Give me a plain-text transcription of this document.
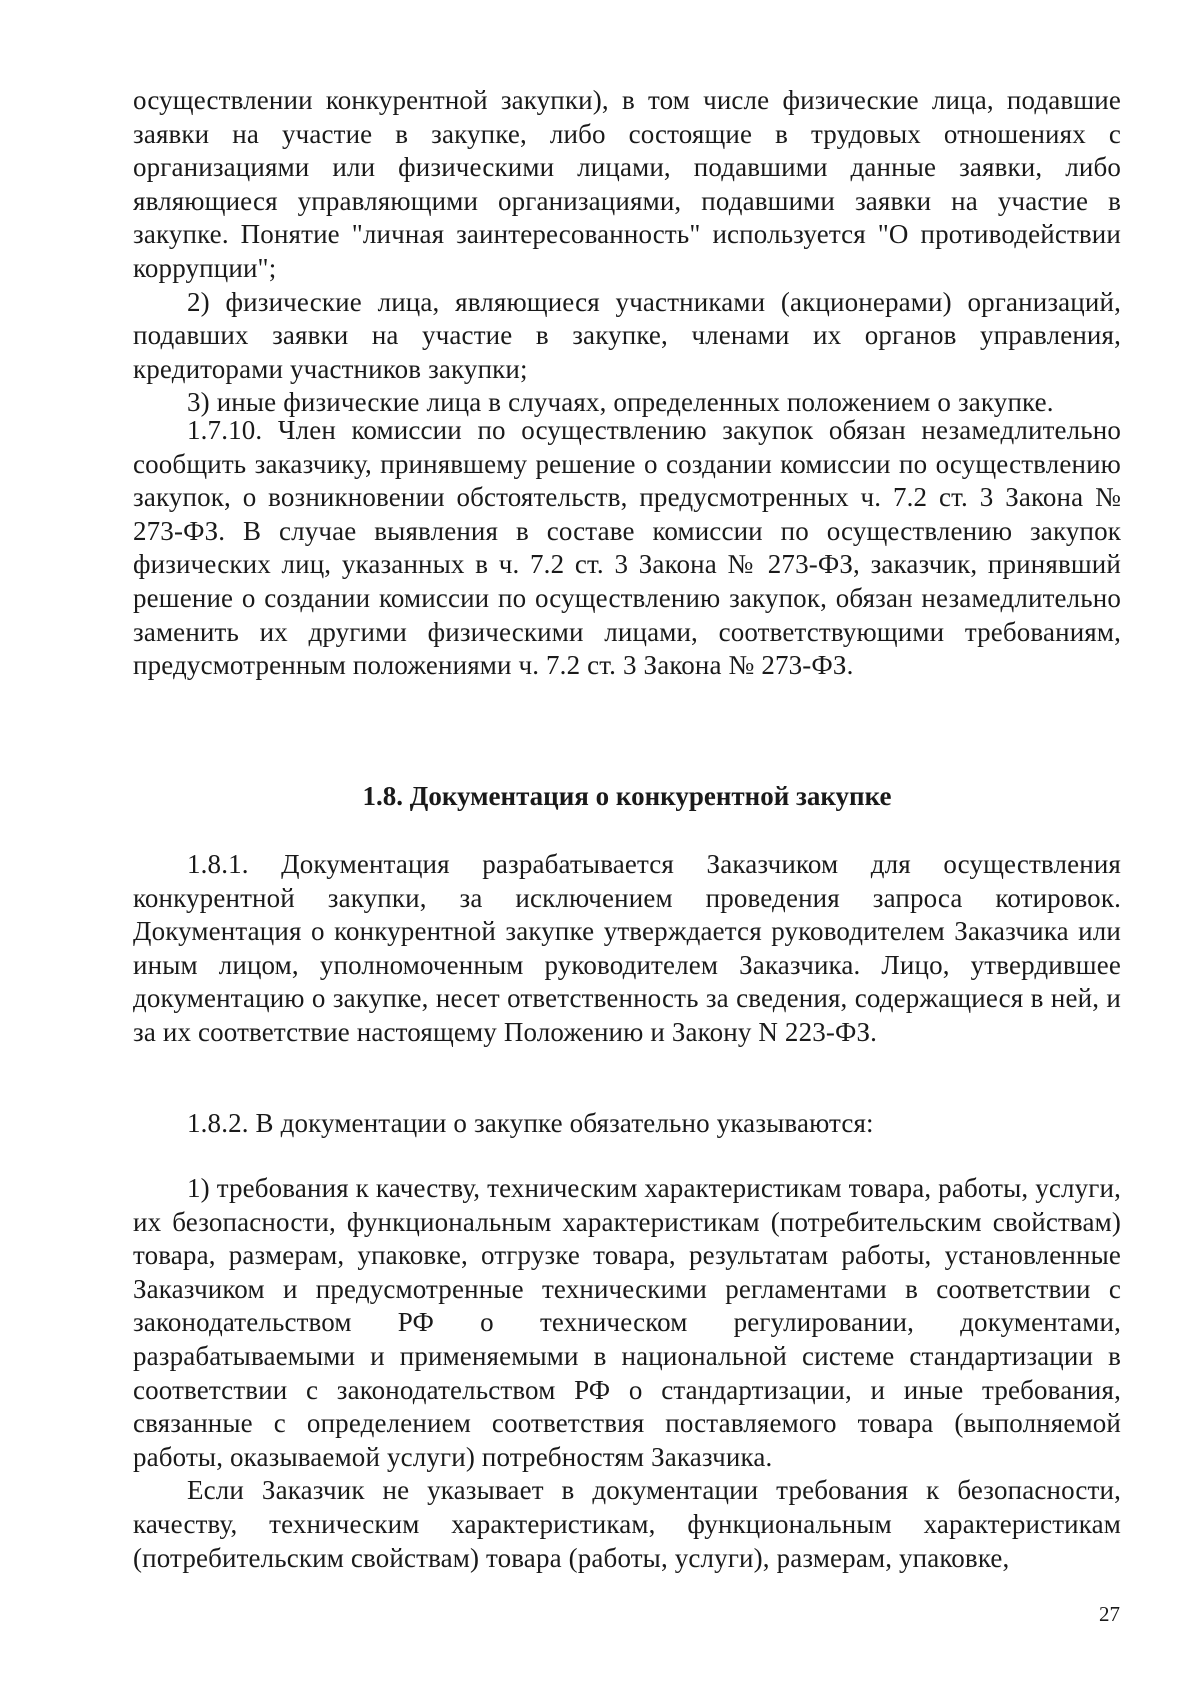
осуществлении конкурентной закупки), в том числе физические лица, подавшие заявки на участие в закупке, либо состоящие в трудовых отношениях с организациями или физическими лицами, подавшими данные заявки, либо являющиеся управляющими организациями, подавшими заявки на участие в закупке. Понятие "личная заинтересованность" используется "О противодействии коррупции";

2) физические лица, являющиеся участниками (акционерами) организаций, подавших заявки на участие в закупке, членами их органов управления, кредиторами участников закупки;

3) иные физические лица в случаях, определенных положением о закупке.

1.7.10. Член комиссии по осуществлению закупок обязан незамедлительно сообщить заказчику, принявшему решение о создании комиссии по осуществлению закупок, о возникновении обстоятельств, предусмотренных ч. 7.2 ст. 3 Закона № 273-ФЗ. В случае выявления в составе комиссии по осуществлению закупок физических лиц, указанных в ч. 7.2 ст. 3 Закона № 273-ФЗ, заказчик, принявший решение о создании комиссии по осуществлению закупок, обязан незамедлительно заменить их другими физическими лицами, соответствующими требованиям, предусмотренным положениями ч. 7.2 ст. 3 Закона № 273-ФЗ.

1.8. Документация о конкурентной закупке

1.8.1. Документация разрабатывается Заказчиком для осуществления конкурентной закупки, за исключением проведения запроса котировок. Документация о конкурентной закупке утверждается руководителем Заказчика или иным лицом, уполномоченным руководителем Заказчика. Лицо, утвердившее документацию о закупке, несет ответственность за сведения, содержащиеся в ней, и за их соответствие настоящему Положению и Закону N 223-ФЗ.

1.8.2. В документации о закупке обязательно указываются:

1) требования к качеству, техническим характеристикам товара, работы, услуги, их безопасности, функциональным характеристикам (потребительским свойствам) товара, размерам, упаковке, отгрузке товара, результатам работы, установленные Заказчиком и предусмотренные техническими регламентами в соответствии с законодательством РФ о техническом регулировании, документами, разрабатываемыми и применяемыми в национальной системе стандартизации в соответствии с законодательством РФ о стандартизации, и иные требования, связанные с определением соответствия поставляемого товара (выполняемой работы, оказываемой услуги) потребностям Заказчика.

Если Заказчик не указывает в документации требования к безопасности, качеству, техническим характеристикам, функциональным характеристикам (потребительским свойствам) товара (работы, услуги), размерам, упаковке,

27
